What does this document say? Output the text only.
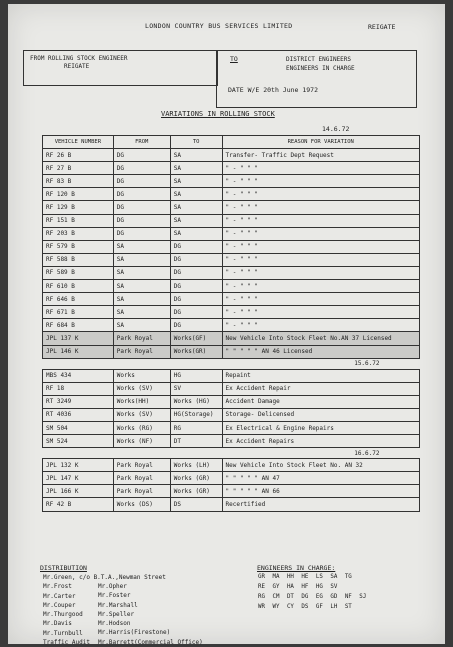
LONDON COUNTRY BUS SERVICES LIMITED	REIGATE
FROM ROLLING STOCK ENGINEER
REIGATE
TO	DISTRICT ENGINEERS
ENGINEERS IN CHARGE
DATE W/E 20th June 1972
VARIATIONS IN ROLLING STOCK
14.6.72
VEHICLE NUMBER	FROM	TO	REASON FOR VARIATION
RF 26 B	DG	SA	Transfer- Traffic Dept Request
RF 27 B	DG	SA	" - " " "
RF 83 B	DG	SA	" - " " "
RF 120 B	DG	SA	" - " " "
RF 129 B	DG	SA	" - " " "
RF 151 B	DG	SA	" - " " "
RF 203 B	DG	SA	" - " " "
RF 579 B	SA	DG	" - " " "
RF 588 B	SA	DG	" - " " "
RF 589 B	SA	DG	" - " " "
RF 610 B	SA	DG	" - " " "
RF 646 B	SA	DG	" - " " "
RF 671 B	SA	DG	" - " " "
RF 684 B	SA	DG	" - " " "
JPL 137 K	Park Royal	Works(GF)	New Vehicle Into Stock Fleet No.AN 37 Licensed
JPL 146 K	Park Royal	Works(GR)	" " " " " AN 46 Licensed
			15.6.72
MBS 434	Works	HG	Repaint
RF 18	Works (SV)	SV	Ex Accident Repair
RT 3249	Works(HH)	Works (HG)	Accident Damage
RT 4036	Works (SV)	HG(Storage)	Storage- Delicensed
SM 504	Works (RG)	RG	Ex Electrical & Engine Repairs
SM 524	Works (NF)	DT	Ex Accident Repairs
			16.6.72
JPL 132 K	Park Royal	Works (LH)	New Vehicle Into Stock Fleet No. AN 32
JPL 147 K	Park Royal	Works (GR)	" " " " " AN 47
JPL 166 K	Park Royal	Works (GR)	" " " " " AN 66
RF 42 B	Works (DS)	DS	Recertified
DISTRIBUTION
Mr.Green, c/o B.T.A.,Newman Street
Mr.Frost
Mr.Carter
Mr.Couper
Mr.Thurgood
Mr.Davis
Mr.Turnbull
Traffic Audit
Mr.Opher
Mr.Foster
Mr.Marshall
Mr.Speller
Mr.Hodson
Mr.Harris(Firestone)
Mr.Barrett(Commercial Office)
ENGINEERS IN CHARGE:
GR MA HH HE LS SA TG
RE GY HA HF HG SV
RG CM DT DG EG GD NF SJ
WR WY CY DS GF LH ST
